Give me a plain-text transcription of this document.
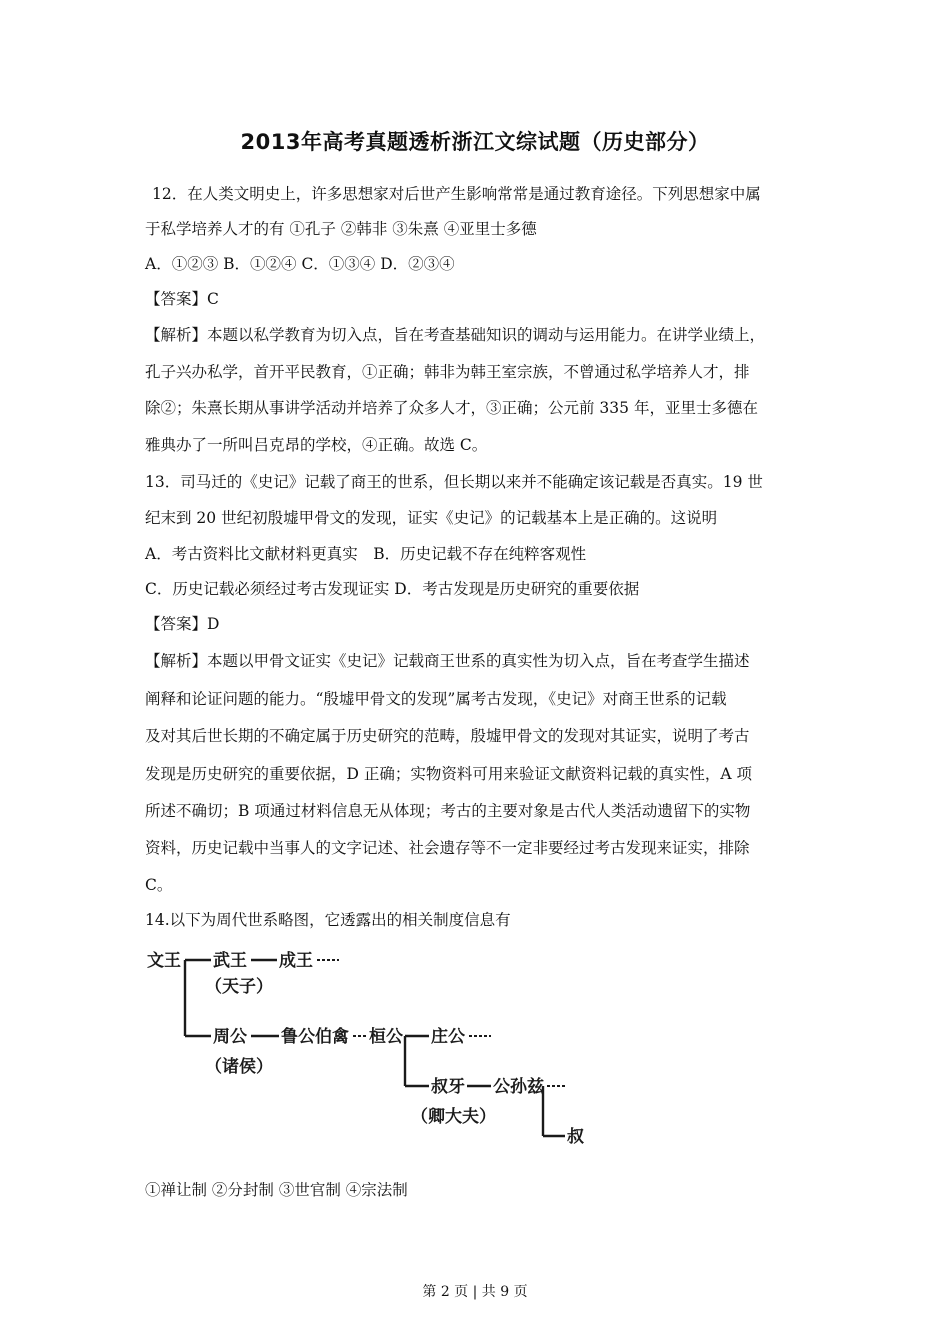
2013年高考真题透析浙江文综试题（历史部分）
12．在人类文明史上，许多思想家对后世产生影响常常是通过教育途径。下列思想家中属
于私学培养人才的有 ①孔子 ②韩非 ③朱熹 ④亚里士多德
A．①②③ B．①②④ C．①③④ D．②③④
【答案】C
【解析】本题以私学教育为切入点，旨在考查基础知识的调动与运用能力。在讲学业绩上，
孔子兴办私学，首开平民教育，①正确；韩非为韩王室宗族，不曾通过私学培养人才，排
除②；朱熹长期从事讲学活动并培养了众多人才，③正确；公元前 335 年，亚里士多德在
雅典办了一所叫吕克昂的学校，④正确。故选 C。
13．司马迁的《史记》记载了商王的世系，但长期以来并不能确定该记载是否真实。19 世
纪末到 20 世纪初殷墟甲骨文的发现，证实《史记》的记载基本上是正确的。这说明
A．考古资料比文献材料更真实　B．历史记载不存在纯粹客观性
C．历史记载必须经过考古发现证实 D．考古发现是历史研究的重要依据
【答案】D
【解析】本题以甲骨文证实《史记》记载商王世系的真实性为切入点，旨在考查学生描述
阐释和论证问题的能力。“殷墟甲骨文的发现”属考古发现，《史记》对商王世系的记载
及对其后世长期的不确定属于历史研究的范畴，殷墟甲骨文的发现对其证实，说明了考古
发现是历史研究的重要依据，D 正确；实物资料可用来验证文献资料记载的真实性，A 项
所述不确切；B 项通过材料信息无从体现；考古的主要对象是古代人类活动遗留下的实物
资料，历史记载中当事人的文字记述、社会遗存等不一定非要经过考古发现来证实，排除
C。
14.以下为周代世系略图，它透露出的相关制度信息有
文王 武王 成王
（天子）
周公 鲁公伯禽 桓公 庄公
（诸侯）
叔牙 公孙兹
（卿大夫）
叔
①禅让制 ②分封制 ③世官制 ④宗法制
第 2 页 | 共 9 页
